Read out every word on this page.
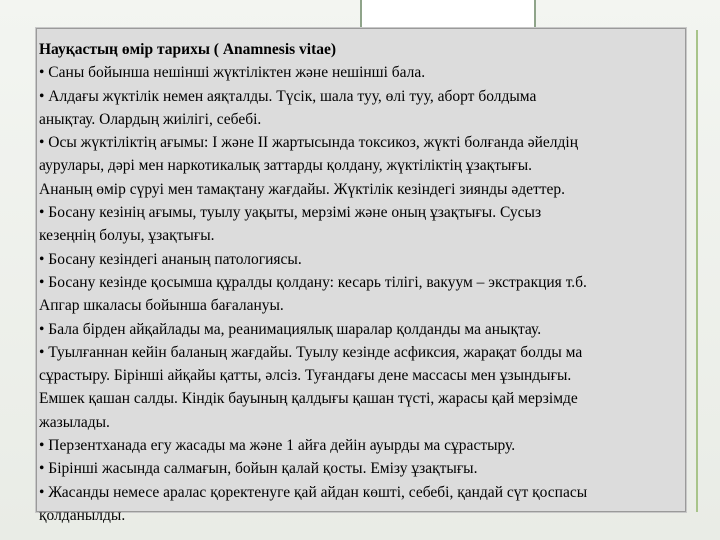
Науқастың өмір тарихы ( Anamnesis vitae)
• Саны бойынша нешінші жүктіліктен және нешінші бала.
• Алдағы жүктілік немен аяқталды. Түсік, шала туу, өлі туу, аборт болдыма
анықтау. Олардың жиілігі, себебі.
• Осы жүктіліктің ағымы: І және ІІ жартысында токсикоз, жүкті болғанда әйелдің
аурулары, дәрі мен наркотикалық заттарды қолдану, жүктіліктің ұзақтығы.
Ананың өмір сүруі мен тамақтану жағдайы. Жүктілік кезіндегі зиянды әдеттер.
• Босану кезінің ағымы, туылу уақыты, мерзімі және оның ұзақтығы. Сусыз
кезеңнің болуы, ұзақтығы.
• Босану кезіндегі ананың патологиясы.
• Босану кезінде қосымша құралды қолдану: кесарь тілігі, вакуум – экстракция т.б.
Апгар шкаласы бойынша бағалануы.
• Бала бірден айқайлады ма, реанимациялық шаралар қолданды ма анықтау.
• Туылғаннан кейін баланың жағдайы. Туылу кезінде асфиксия, жарақат болды ма
сұрастыру. Бірінші айқайы қатты, әлсіз. Туғандағы дене массасы мен ұзындығы.
Емшек қашан салды. Кіндік бауының қалдығы қашан түсті, жарасы қай мерзімде
жазылады.
• Перзентханада егу жасады ма және 1 айға дейін ауырды ма сұрастыру.
• Бірінші жасында салмағын, бойын қалай қосты. Емізу ұзақтығы.
• Жасанды немесе аралас қоректенуге қай айдан көшті, себебі, қандай сүт қоспасы
қолданылды.
